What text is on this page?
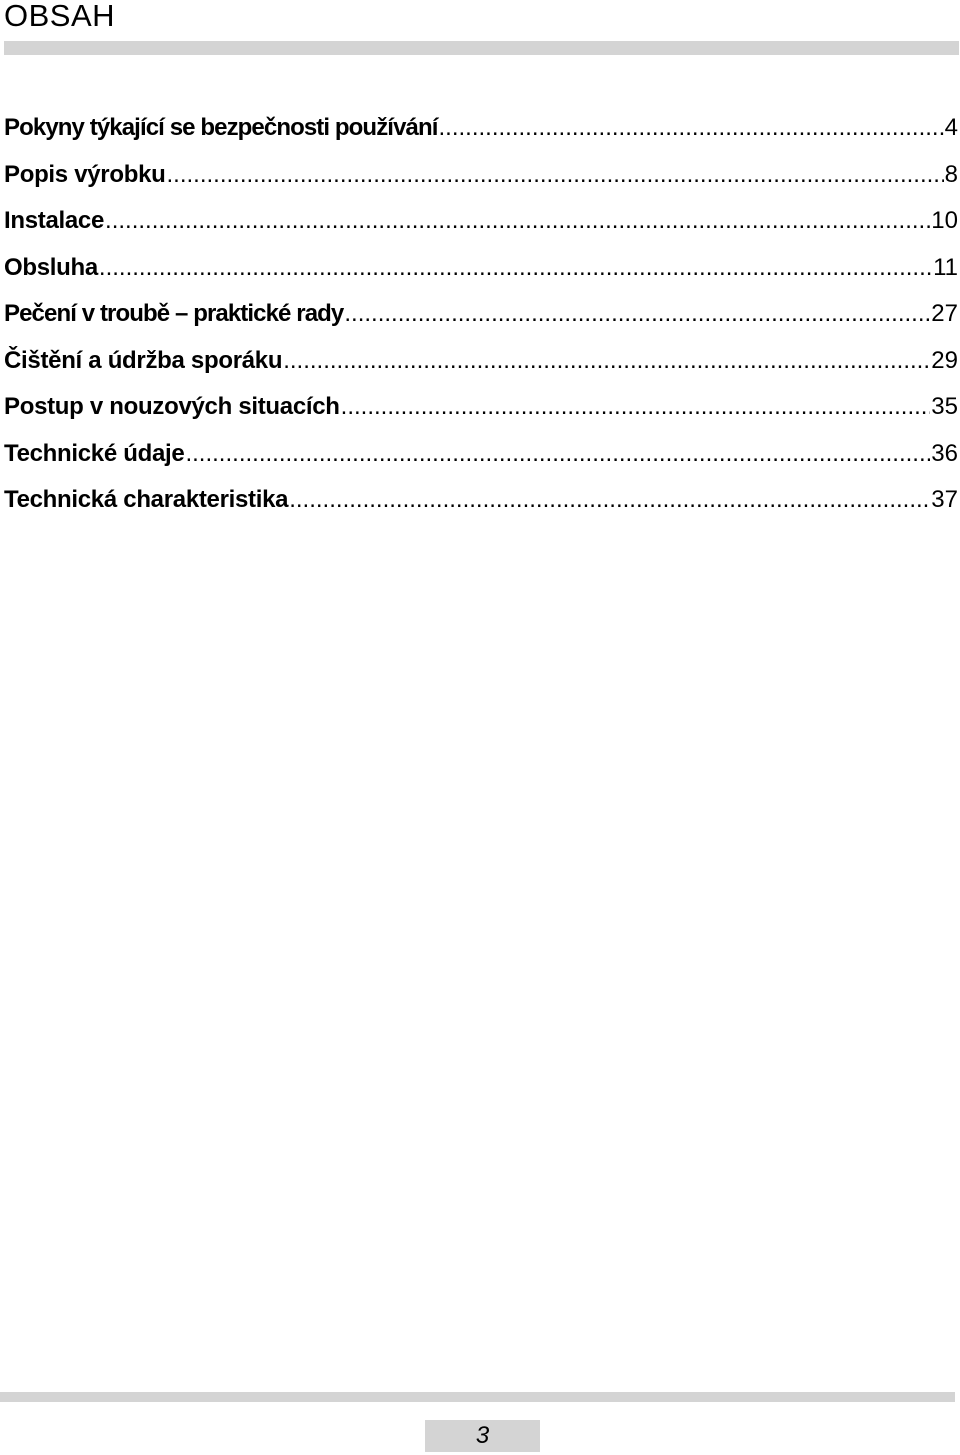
OBSAH
Pokyny týkající se bezpečnosti používání .....	4
Popis výrobku .....	8
Instalace .....	10
Obsluha .....	11
Pečení v troubě – praktické rady .....	27
Čištění a údržba sporáku .....	29
Postup v nouzových situacích .....	35
Technické údaje .....	36
Technická charakteristika .....	37
3
